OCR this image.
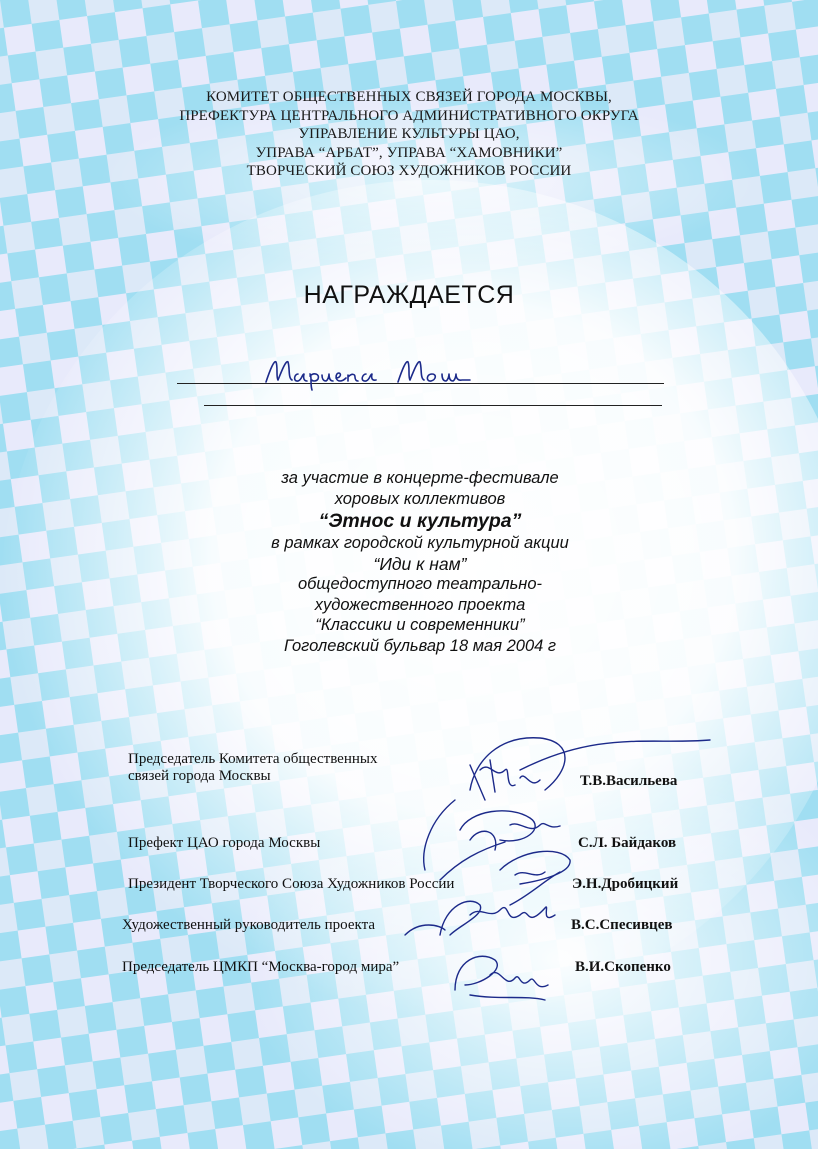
КОМИТЕТ ОБЩЕСТВЕННЫХ СВЯЗЕЙ ГОРОДА МОСКВЫ,
ПРЕФЕКТУРА ЦЕНТРАЛЬНОГО АДМИНИСТРАТИВНОГО ОКРУГА
УПРАВЛЕНИЕ КУЛЬТУРЫ ЦАО,
УПРАВА “АРБАТ”, УПРАВА “ХАМОВНИКИ”
ТВОРЧЕСКИЙ СОЮЗ ХУДОЖНИКОВ РОССИИ
НАГРАЖДАЕТСЯ
за участие в концерте-фестивале
хоровых коллективов
“Этнос и культура”
в рамках городской культурной акции
“Иди к нам”
общедоступного театрально-
художественного проекта
“Классики и современники”
Гоголевский бульвар 18 мая 2004 г
Председатель Комитета общественных
связей города Москвы	Т.В.Васильева
Префект ЦАО города Москвы	С.Л. Байдаков
Президент Творческого Союза Художников России	Э.Н.Дробицкий
Художественный руководитель проекта	В.С.Спесивцев
Председатель ЦМКП “Москва-город мира”	В.И.Скопенко
